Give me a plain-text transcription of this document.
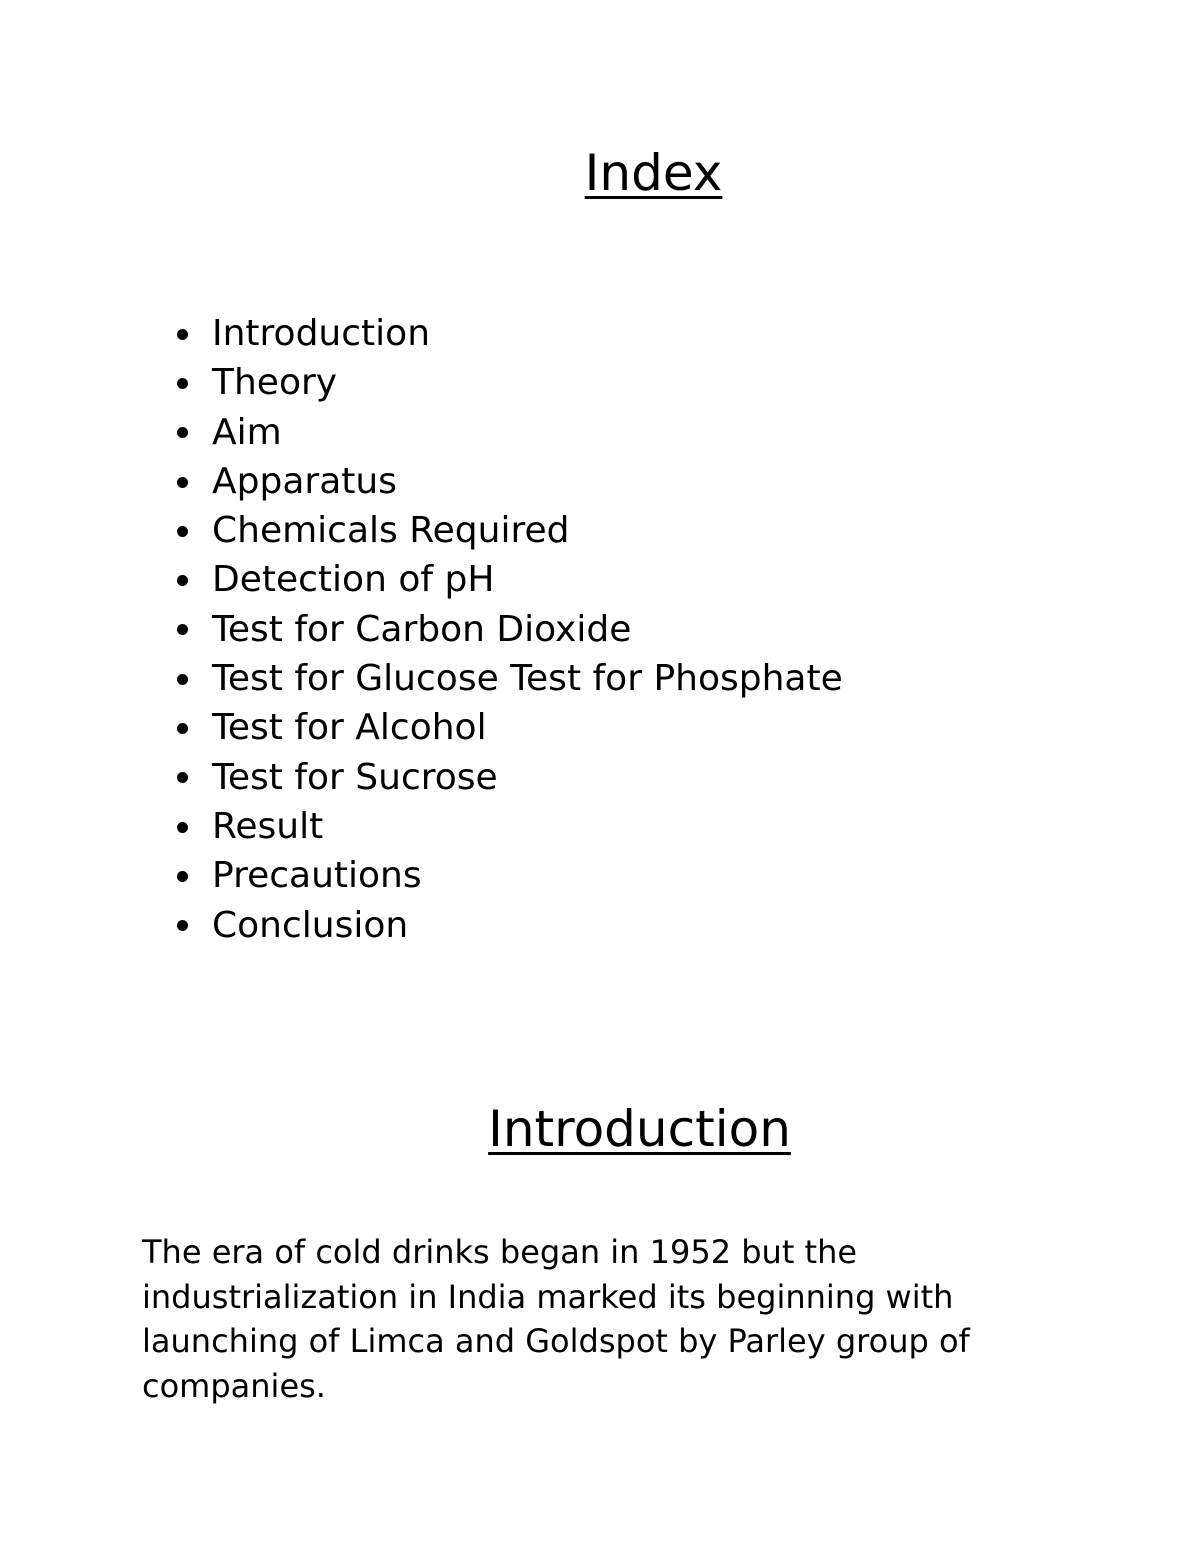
Index
Introduction
Theory
Aim
Apparatus
Chemicals Required
Detection of pH
Test for Carbon Dioxide
Test for Glucose Test for Phosphate
Test for Alcohol
Test for Sucrose
Result
Precautions
Conclusion
Introduction

The era of cold drinks began in 1952 but the
industrialization in India marked its beginning with
launching of Limca and Goldspot by Parley group of
companies.
